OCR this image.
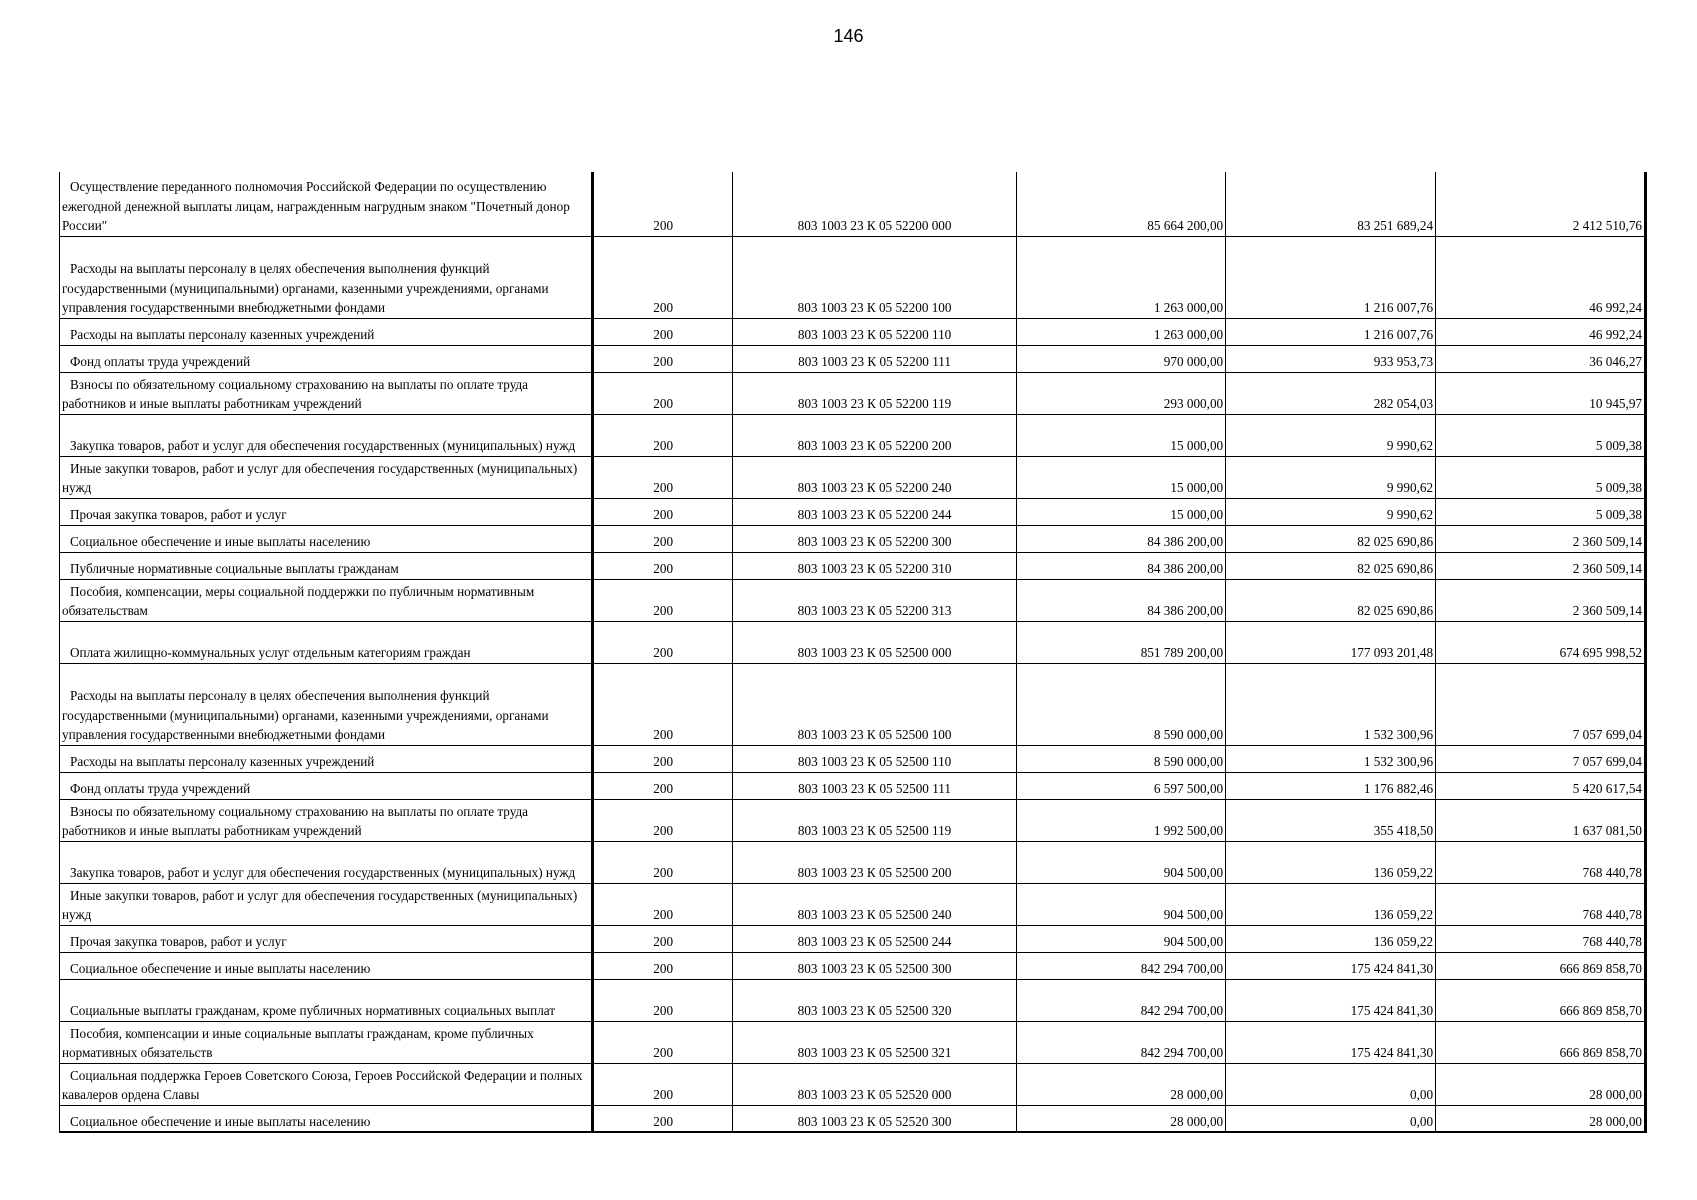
146
Осуществление переданного полномочия Российской Федерации по осуществлению ежегодной денежной выплаты лицам, награжденным нагрудным знаком "Почетный донор России"	200	803 1003 23 К 05 52200 000	85 664 200,00	83 251 689,24	2 412 510,76
Расходы на выплаты персоналу в целях обеспечения выполнения функций государственными (муниципальными) органами, казенными учреждениями, органами управления государственными внебюджетными фондами	200	803 1003 23 К 05 52200 100	1 263 000,00	1 216 007,76	46 992,24
Расходы на выплаты персоналу казенных учреждений	200	803 1003 23 К 05 52200 110	1 263 000,00	1 216 007,76	46 992,24
Фонд оплаты труда учреждений	200	803 1003 23 К 05 52200 111	970 000,00	933 953,73	36 046,27
Взносы по обязательному социальному страхованию на выплаты по оплате труда работников и иные выплаты работникам учреждений	200	803 1003 23 К 05 52200 119	293 000,00	282 054,03	10 945,97
Закупка товаров, работ и услуг для обеспечения государственных (муниципальных) нужд	200	803 1003 23 К 05 52200 200	15 000,00	9 990,62	5 009,38
Иные закупки товаров, работ и услуг для обеспечения государственных (муниципальных) нужд	200	803 1003 23 К 05 52200 240	15 000,00	9 990,62	5 009,38
Прочая закупка товаров, работ и услуг	200	803 1003 23 К 05 52200 244	15 000,00	9 990,62	5 009,38
Социальное обеспечение и иные выплаты населению	200	803 1003 23 К 05 52200 300	84 386 200,00	82 025 690,86	2 360 509,14
Публичные нормативные социальные выплаты гражданам	200	803 1003 23 К 05 52200 310	84 386 200,00	82 025 690,86	2 360 509,14
Пособия, компенсации, меры социальной поддержки по публичным нормативным обязательствам	200	803 1003 23 К 05 52200 313	84 386 200,00	82 025 690,86	2 360 509,14
Оплата жилищно-коммунальных услуг отдельным категориям граждан	200	803 1003 23 К 05 52500 000	851 789 200,00	177 093 201,48	674 695 998,52
Расходы на выплаты персоналу в целях обеспечения выполнения функций государственными (муниципальными) органами, казенными учреждениями, органами управления государственными внебюджетными фондами	200	803 1003 23 К 05 52500 100	8 590 000,00	1 532 300,96	7 057 699,04
Расходы на выплаты персоналу казенных учреждений	200	803 1003 23 К 05 52500 110	8 590 000,00	1 532 300,96	7 057 699,04
Фонд оплаты труда учреждений	200	803 1003 23 К 05 52500 111	6 597 500,00	1 176 882,46	5 420 617,54
Взносы по обязательному социальному страхованию на выплаты по оплате труда работников и иные выплаты работникам учреждений	200	803 1003 23 К 05 52500 119	1 992 500,00	355 418,50	1 637 081,50
Закупка товаров, работ и услуг для обеспечения государственных (муниципальных) нужд	200	803 1003 23 К 05 52500 200	904 500,00	136 059,22	768 440,78
Иные закупки товаров, работ и услуг для обеспечения государственных (муниципальных) нужд	200	803 1003 23 К 05 52500 240	904 500,00	136 059,22	768 440,78
Прочая закупка товаров, работ и услуг	200	803 1003 23 К 05 52500 244	904 500,00	136 059,22	768 440,78
Социальное обеспечение и иные выплаты населению	200	803 1003 23 К 05 52500 300	842 294 700,00	175 424 841,30	666 869 858,70
Социальные выплаты гражданам, кроме публичных нормативных социальных выплат	200	803 1003 23 К 05 52500 320	842 294 700,00	175 424 841,30	666 869 858,70
Пособия, компенсации и иные социальные выплаты гражданам, кроме публичных нормативных обязательств	200	803 1003 23 К 05 52500 321	842 294 700,00	175 424 841,30	666 869 858,70
Социальная поддержка Героев Советского Союза, Героев Российской Федерации и полных кавалеров ордена Славы	200	803 1003 23 К 05 52520 000	28 000,00	0,00	28 000,00
Социальное обеспечение и иные выплаты населению	200	803 1003 23 К 05 52520 300	28 000,00	0,00	28 000,00
